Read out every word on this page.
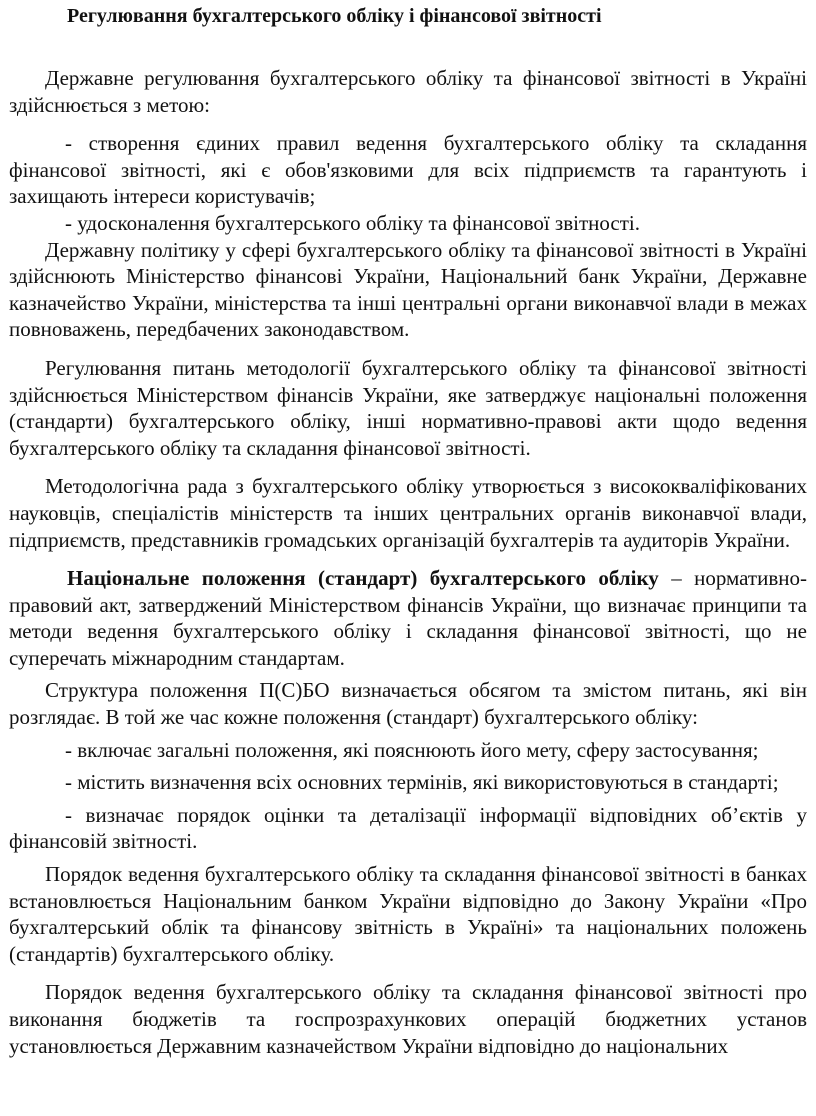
Регулювання бухгалтерського обліку і фінансової звітності

Державне регулювання бухгалтерського обліку та фінансової звітності в Україні здійснюється з метою:

- створення єдиних правил ведення бухгалтерського обліку та складання фінансової звітності, які є обов'язковими для всіх підприємств та гарантують і захищають інтереси користувачів;

- удосконалення бухгалтерського обліку та фінансової звітності.

Державну політику у сфері бухгалтерського обліку та фінансової звітності в Україні здійснюють Міністерство фінансові України, Національний банк України, Державне казначейство України, міністерства та інші центральні органи виконавчої влади в межах повноважень, передбачених законодавством.

Регулювання питань методології бухгалтерського обліку та фінансової звітності здійснюється Міністерством фінансів України, яке затверджує національні положення (стандарти) бухгалтерського обліку, інші нормативно-правові акти щодо ведення бухгалтерського обліку та складання фінансової звітності.

Методологічна рада з бухгалтерського обліку утворюється з висококваліфікованих науковців, спеціалістів міністерств та інших центральних органів виконавчої влади, підприємств, представників громадських організацій бухгалтерів та аудиторів України.

Національне положення (стандарт) бухгалтерського обліку – нормативно-правовий акт, затверджений Міністерством фінансів України, що визначає принципи та методи ведення бухгалтерського обліку і складання фінансової звітності, що не суперечать міжнародним стандартам.

Структура положення П(С)БО визначається обсягом та змістом питань, які він розглядає. В той же час кожне положення (стандарт) бухгалтерського обліку:

- включає загальні положення, які пояснюють його мету, сферу застосування;

- містить визначення всіх основних термінів, які використовуються в стандарті;

- визначає порядок оцінки та деталізації інформації відповідних об’єктів у фінансовій звітності.

Порядок ведення бухгалтерського обліку та складання фінансової звітності в банках встановлюється Національним банком України відповідно до Закону України «Про бухгалтерський облік та фінансову звітність в Україні» та національних положень (стандартів) бухгалтерського обліку.

Порядок ведення бухгалтерського обліку та складання фінансової звітності про виконання бюджетів та госпрозрахункових операцій бюджетних установ установлюється Державним казначейством України відповідно до національних
